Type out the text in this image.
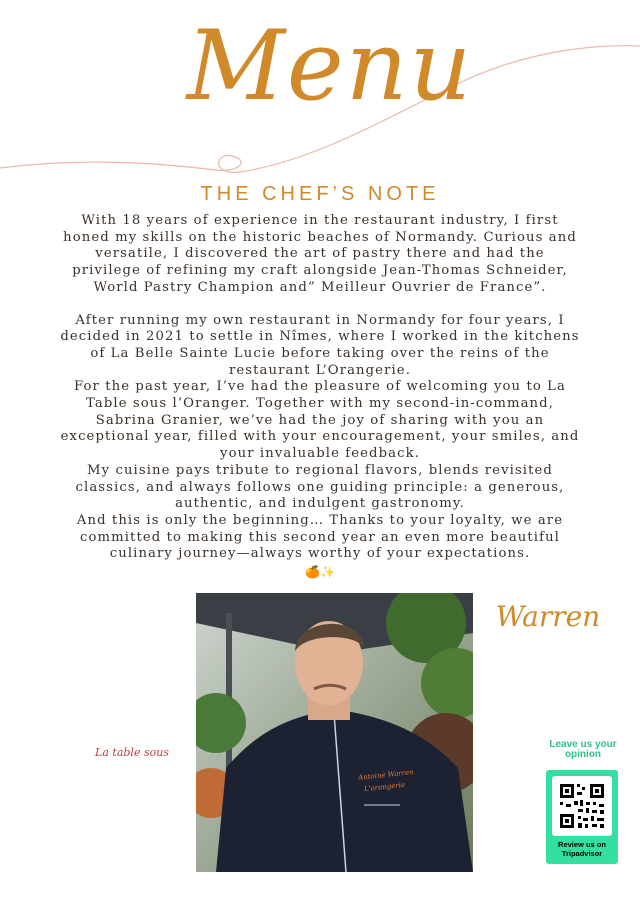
Menu
THE CHEF’S NOTE

With 18 years of experience in the restaurant industry, I first honed my skills on the historic beaches of Normandy. Curious and versatile, I discovered the art of pastry there and had the privilege of refining my craft alongside Jean-Thomas Schneider, World Pastry Champion and” Meilleur Ouvrier de France”.

After running my own restaurant in Normandy for four years, I decided in 2021 to settle in Nîmes, where I worked in the kitchens of La Belle Sainte Lucie before taking over the reins of the restaurant L’Orangerie.

For the past year, I’ve had the pleasure of welcoming you to La Table sous l’Oranger. Together with my second-in-command, Sabrina Granier, we’ve had the joy of sharing with you an exceptional year, filled with your encouragement, your smiles, and your invaluable feedback.

My cuisine pays tribute to regional flavors, blends revisited classics, and always follows one guiding principle: a generous, authentic, and indulgent gastronomy.

And this is only the beginning… Thanks to your loyalty, we are committed to making this second year an even more beautiful culinary journey—always worthy of your expectations.

🍊✨
Antoine Warren
L'orangerie
Warren
La table sous
Leave us your opinion
Review us on Tripadvisor
